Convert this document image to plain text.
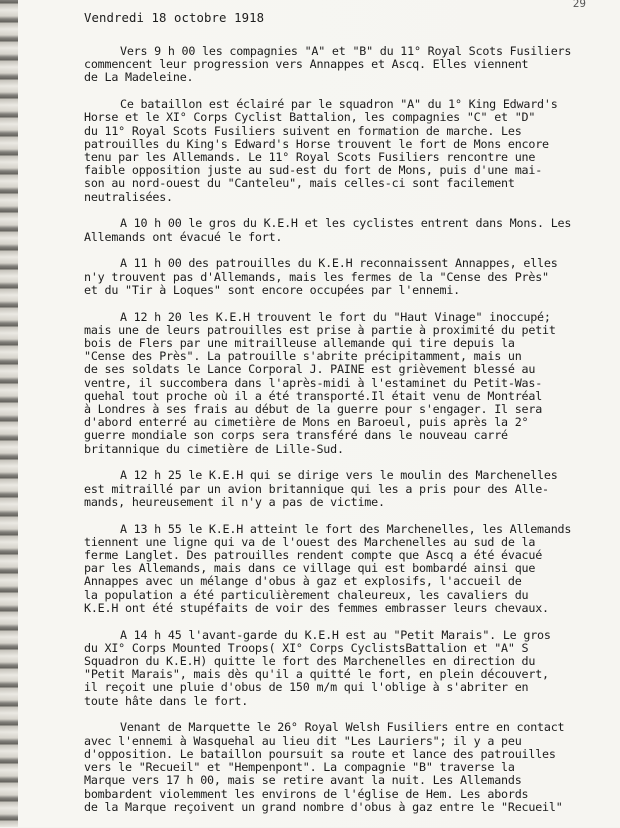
29
Vendredi 18 octobre 1918
Vers 9 h 00 les compagnies "A" et "B" du 11° Royal Scots Fusiliers
commencent leur progression vers Annappes et Ascq. Elles viennent
de La Madeleine.
Ce bataillon est éclairé par le squadron "A" du 1° King Edward's
Horse et le XI° Corps Cyclist Battalion, les compagnies "C" et "D"
du 11° Royal Scots Fusiliers suivent en formation de marche. Les
patrouilles du King's Edward's Horse trouvent le fort de Mons encore
tenu par les Allemands. Le 11° Royal Scots Fusiliers rencontre une
faible opposition juste au sud-est du fort de Mons, puis d'une mai-
son au nord-ouest du "Canteleu", mais celles-ci sont facilement
neutralisées.
A 10 h 00 le gros du K.E.H et les cyclistes entrent dans Mons. Les
Allemands ont évacué le fort.
A 11 h 00 des patrouilles du K.E.H reconnaissent Annappes, elles
n'y trouvent pas d'Allemands, mais les fermes de la "Cense des Près"
et du "Tir à Loques" sont encore occupées par l'ennemi.
A 12 h 20 les K.E.H trouvent le fort du "Haut Vinage" inoccupé;
mais une de leurs patrouilles est prise à partie à proximité du petit
bois de Flers par une mitrailleuse allemande qui tire depuis la
"Cense des Près". La patrouille s'abrite précipitamment, mais un
de ses soldats le Lance Corporal J. PAINE est grièvement blessé au
ventre, il succombera dans l'après-midi à l'estaminet du Petit-Was-
quehal tout proche où il a été transporté.Il était venu de Montréal
à Londres à ses frais au début de la guerre pour s'engager. Il sera
d'abord enterré au cimetière de Mons en Baroeul, puis après la 2°
guerre mondiale son corps sera transféré dans le nouveau carré
britannique du cimetière de Lille-Sud.
A 12 h 25 le K.E.H qui se dirige vers le moulin des Marchenelles
est mitraillé par un avion britannique qui les a pris pour des Alle-
mands, heureusement il n'y a pas de victime.
A 13 h 55 le K.E.H atteint le fort des Marchenelles, les Allemands
tiennent une ligne qui va de l'ouest des Marchenelles au sud de la
ferme Langlet. Des patrouilles rendent compte que Ascq a été évacué
par les Allemands, mais dans ce village qui est bombardé ainsi que
Annappes avec un mélange d'obus à gaz et explosifs, l'accueil de
la population a été particulièrement chaleureux, les cavaliers du
K.E.H ont été stupéfaits de voir des femmes embrasser leurs chevaux.
A 14 h 45 l'avant-garde du K.E.H est au "Petit Marais". Le gros
du XI° Corps Mounted Troops( XI° Corps CyclistsBattalion et "A" S
Squadron du K.E.H) quitte le fort des Marchenelles en direction du
"Petit Marais", mais dès qu'il a quitté le fort, en plein découvert,
il reçoit une pluie d'obus de 150 m/m qui l'oblige à s'abriter en
toute hâte dans le fort.
Venant de Marquette le 26° Royal Welsh Fusiliers entre en contact
avec l'ennemi à Wasquehal au lieu dit "Les Lauriers"; il y a peu
d'opposition. Le bataillon poursuit sa route et lance des patrouilles
vers le "Recueil" et "Hempenpont". La compagnie "B" traverse la
Marque vers 17 h 00, mais se retire avant la nuit. Les Allemands
bombardent violemment les environs de l'église de Hem. Les abords
de la Marque reçoivent un grand nombre d'obus à gaz entre le "Recueil"
